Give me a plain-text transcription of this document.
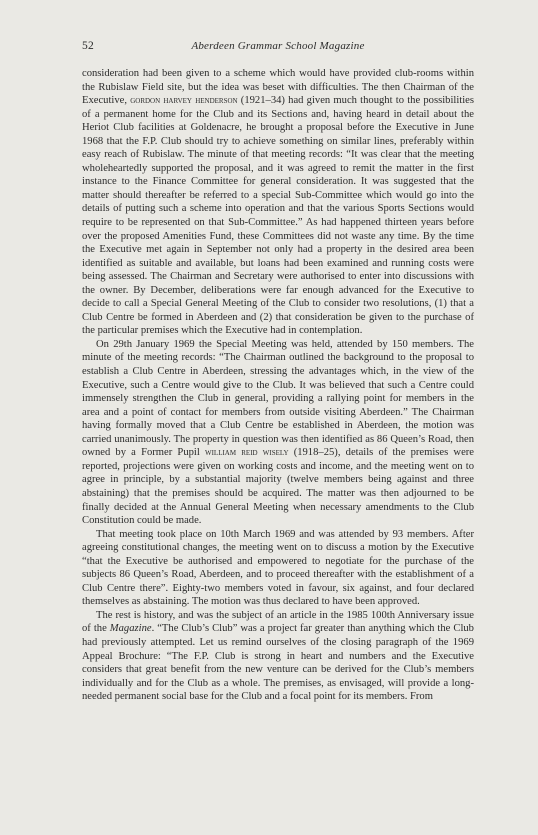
52	Aberdeen Grammar School Magazine

consideration had been given to a scheme which would have provided club-rooms within the Rubislaw Field site, but the idea was beset with difficulties. The then Chairman of the Executive, gordon harvey henderson (1921–34) had given much thought to the possibilities of a permanent home for the Club and its Sections and, having heard in detail about the Heriot Club facilities at Goldenacre, he brought a proposal before the Executive in June 1968 that the F.P. Club should try to achieve something on similar lines, preferably within easy reach of Rubislaw. The minute of that meeting records: “It was clear that the meeting wholeheartedly supported the proposal, and it was agreed to remit the matter in the first instance to the Finance Committee for general consideration. It was suggested that the matter should thereafter be referred to a special Sub-Committee which would go into the details of putting such a scheme into operation and that the various Sports Sections would require to be represented on that Sub-Committee.” As had happened thirteen years before over the proposed Amenities Fund, these Committees did not waste any time. By the time the Executive met again in September not only had a property in the desired area been identified as suitable and available, but loans had been examined and running costs were being assessed. The Chairman and Secretary were authorised to enter into discussions with the owner. By December, deliberations were far enough advanced for the Executive to decide to call a Special General Meeting of the Club to consider two resolutions, (1) that a Club Centre be formed in Aberdeen and (2) that consideration be given to the purchase of the particular premises which the Executive had in contemplation.

On 29th January 1969 the Special Meeting was held, attended by 150 members. The minute of the meeting records: “The Chairman outlined the background to the proposal to establish a Club Centre in Aberdeen, stressing the advantages which, in the view of the Executive, such a Centre would give to the Club. It was believed that such a Centre could immensely strengthen the Club in general, providing a rallying point for members in the area and a point of contact for members from outside visiting Aberdeen.” The Chairman having formally moved that a Club Centre be established in Aberdeen, the motion was carried unanimously. The property in question was then identified as 86 Queen’s Road, then owned by a Former Pupil william reid wisely (1918–25), details of the premises were reported, projections were given on working costs and income, and the meeting went on to agree in principle, by a substantial majority (twelve members being against and three abstaining) that the premises should be acquired. The matter was then adjourned to be finally decided at the Annual General Meeting when necessary amendments to the Club Constitution could be made.

That meeting took place on 10th March 1969 and was attended by 93 members. After agreeing constitutional changes, the meeting went on to discuss a motion by the Executive “that the Executive be authorised and empowered to negotiate for the purchase of the subjects 86 Queen’s Road, Aberdeen, and to proceed thereafter with the establishment of a Club Centre there”. Eighty-two members voted in favour, six against, and four declared themselves as abstaining. The motion was thus declared to have been approved.

The rest is history, and was the subject of an article in the 1985 100th Anniversary issue of the Magazine. “The Club’s Club” was a project far greater than anything which the Club had previously attempted. Let us remind ourselves of the closing paragraph of the 1969 Appeal Brochure: “The F.P. Club is strong in heart and numbers and the Executive considers that great benefit from the new venture can be derived for the Club’s members individually and for the Club as a whole. The premises, as envisaged, will provide a long-needed permanent social base for the Club and a focal point for its members. From
